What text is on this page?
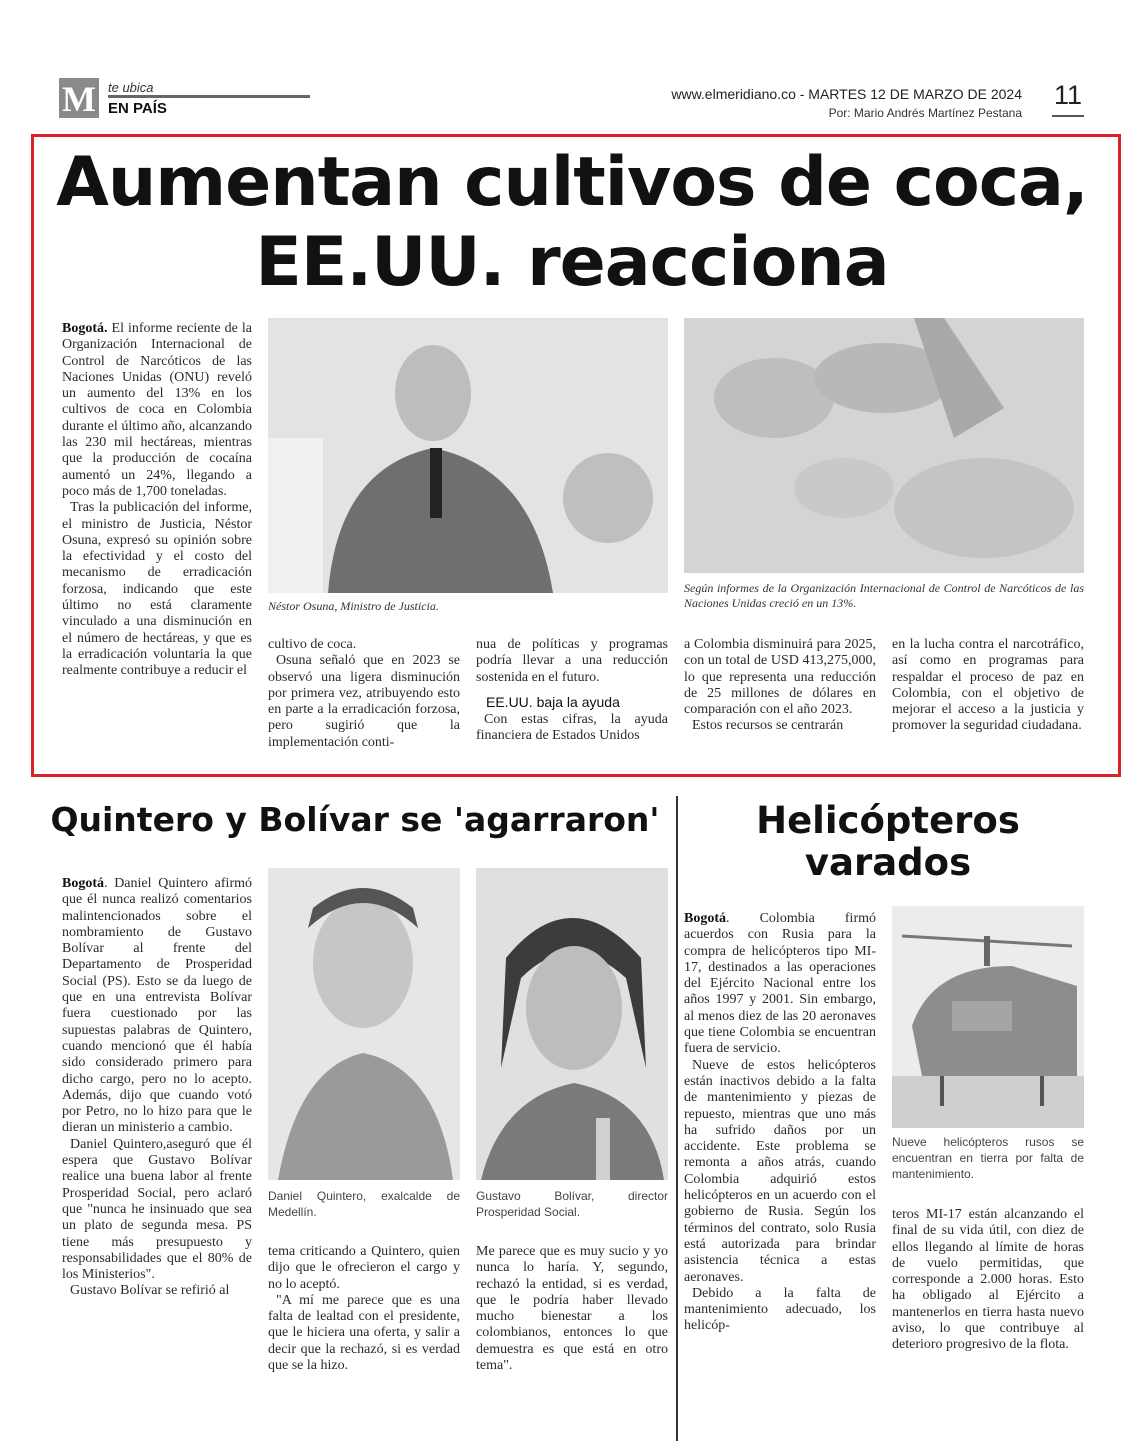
M te ubica
EN PAÍS
www.elmeridiano.co - MARTES 12 DE MARZO DE 2024
Por: Mario Andrés Martínez Pestana
11
Aumentan cultivos de coca, EE.UU. reacciona

Bogotá. El informe reciente de la Organización Internacional de Control de Narcóticos de las Naciones Unidas (ONU) reveló un aumento del 13% en los cultivos de coca en Colombia durante el último año, alcanzando las 230 mil hectáreas, mientras que la producción de cocaína aumentó un 24%, llegando a poco más de 1,700 toneladas.

Tras la publicación del informe, el ministro de Justicia, Néstor Osuna, expresó su opinión sobre la efectividad y el costo del mecanismo de erradicación forzosa, indicando que este último no está claramente vinculado a una disminución en el número de hectáreas, y que es la erradicación voluntaria la que realmente contribuye a reducir el

Néstor Osuna, Ministro de Justicia.
Según informes de la Organización Internacional de Control de Narcóticos de las Naciones Unidas creció en un 13%.

cultivo de coca.

Osuna señaló que en 2023 se observó una ligera disminución por primera vez, atribuyendo esto en parte a la erradicación forzosa, pero sugirió que la implementación conti-

nua de políticas y programas podría llevar a una reducción sostenida en el futuro.

EE.UU. baja la ayuda

Con estas cifras, la ayuda financiera de Estados Unidos

a Colombia disminuirá para 2025, con un total de USD 413,275,000, lo que representa una reducción de 25 millones de dólares en comparación con el año 2023.

Estos recursos se centrarán

en la lucha contra el narcotráfico, así como en programas para respaldar el proceso de paz en Colombia, con el objetivo de mejorar el acceso a la justicia y promover la seguridad ciudadana.

Quintero y Bolívar se 'agarraron'

Bogotá. Daniel Quintero afirmó que él nunca realizó comentarios malintencionados sobre el nombramiento de Gustavo Bolívar al frente del Departamento de Prosperidad Social (PS). Esto se da luego de que en una entrevista Bolívar fuera cuestionado por las supuestas palabras de Quintero, cuando mencionó que él había sido considerado primero para dicho cargo, pero no lo acepto. Además, dijo que cuando votó por Petro, no lo hizo para que le dieran un ministerio a cambio.

Daniel Quintero,aseguró que él espera que Gustavo Bolívar realice una buena labor al frente Prosperidad Social, pero aclaró que "nunca he insinuado que sea un plato de segunda mesa. PS tiene más presupuesto y responsabilidades que el 80% de los Ministerios".

Gustavo Bolívar se refirió al

Daniel Quintero, exalcalde de Medellín.
Gustavo Bolívar, director Prosperidad Social.

tema criticando a Quintero, quien dijo que le ofrecieron el cargo y no lo aceptó.

"A mí me parece que es una falta de lealtad con el presidente, que le hiciera una oferta, y salir a decir que la rechazó, si es verdad que se la hizo.

Me parece que es muy sucio y yo nunca lo haría. Y, segundo, rechazó la entidad, si es verdad, que le podría haber llevado mucho bienestar a los colombianos, entonces lo que demuestra es que está en otro tema".

Helicópteros
varados

Bogotá. Colombia firmó acuerdos con Rusia para la compra de helicópteros tipo MI-17, destinados a las operaciones del Ejército Nacional entre los años 1997 y 2001. Sin embargo, al menos diez de las 20 aeronaves que tiene Colombia se encuentran fuera de servicio.

Nueve de estos helicópteros están inactivos debido a la falta de mantenimiento y piezas de repuesto, mientras que uno más ha sufrido daños por un accidente. Este problema se remonta a años atrás, cuando Colombia adquirió estos helicópteros en un acuerdo con el gobierno de Rusia. Según los términos del contrato, solo Rusia está autorizada para brindar asistencia técnica a estas aeronaves.

Debido a la falta de mantenimiento adecuado, los helicóp-

Nueve helicópteros rusos se encuentran en tierra por falta de mantenimiento.

teros MI-17 están alcanzando el final de su vida útil, con diez de ellos llegando al límite de horas de vuelo permitidas, que corresponde a 2.000 horas. Esto ha obligado al Ejército a mantenerlos en tierra hasta nuevo aviso, lo que contribuye al deterioro progresivo de la flota.
